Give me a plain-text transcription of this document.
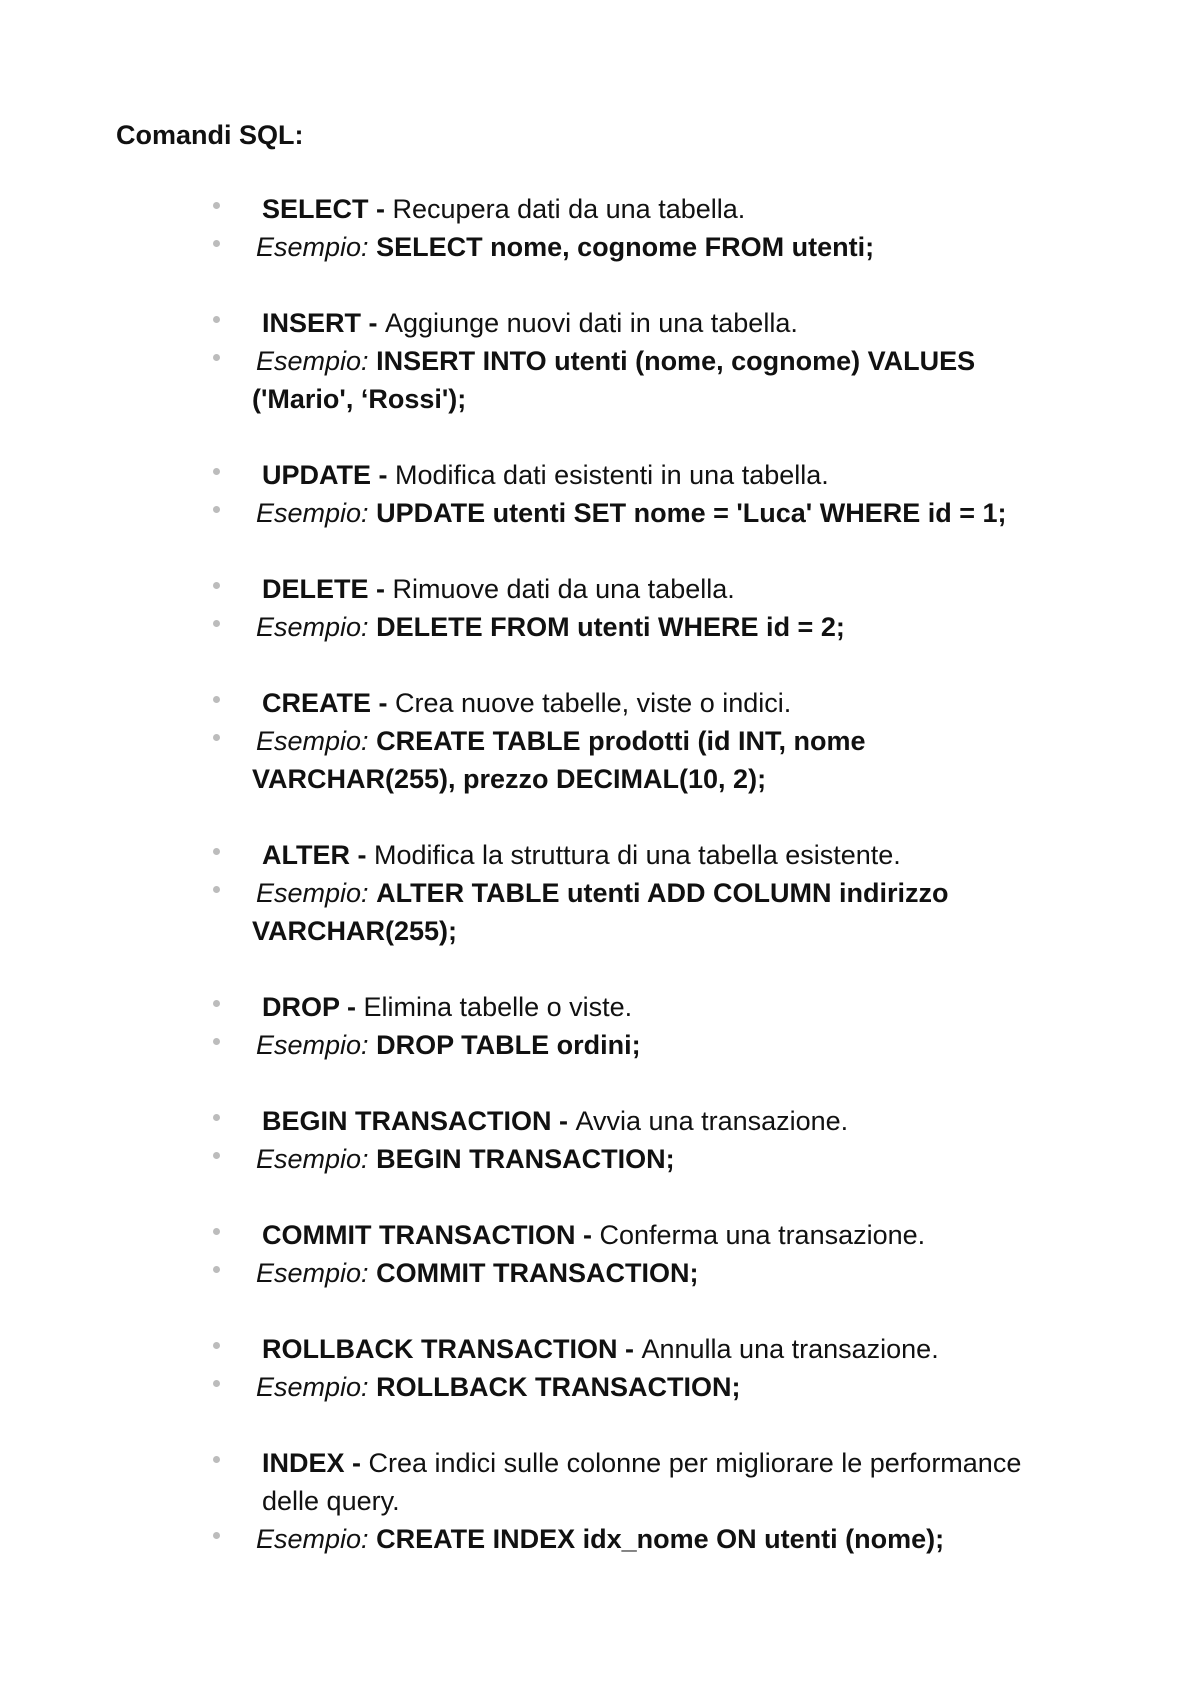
Comandi SQL:
SELECT - Recupera dati da una tabella.
Esempio: SELECT nome, cognome FROM utenti;
INSERT - Aggiunge nuovi dati in una tabella.
Esempio: INSERT INTO utenti (nome, cognome) VALUES
('Mario', ‘Rossi');
UPDATE - Modifica dati esistenti in una tabella.
Esempio: UPDATE utenti SET nome = 'Luca' WHERE id = 1;
DELETE - Rimuove dati da una tabella.
Esempio: DELETE FROM utenti WHERE id = 2;
CREATE - Crea nuove tabelle, viste o indici.
Esempio: CREATE TABLE prodotti (id INT, nome
VARCHAR(255), prezzo DECIMAL(10, 2);
ALTER - Modifica la struttura di una tabella esistente.
Esempio: ALTER TABLE utenti ADD COLUMN indirizzo
VARCHAR(255);
DROP - Elimina tabelle o viste.
Esempio: DROP TABLE ordini;
BEGIN TRANSACTION - Avvia una transazione.
Esempio: BEGIN TRANSACTION;
COMMIT TRANSACTION - Conferma una transazione.
Esempio: COMMIT TRANSACTION;
ROLLBACK TRANSACTION - Annulla una transazione.
Esempio: ROLLBACK TRANSACTION;
INDEX - Crea indici sulle colonne per migliorare le performance
delle query.
Esempio: CREATE INDEX idx_nome ON utenti (nome);
